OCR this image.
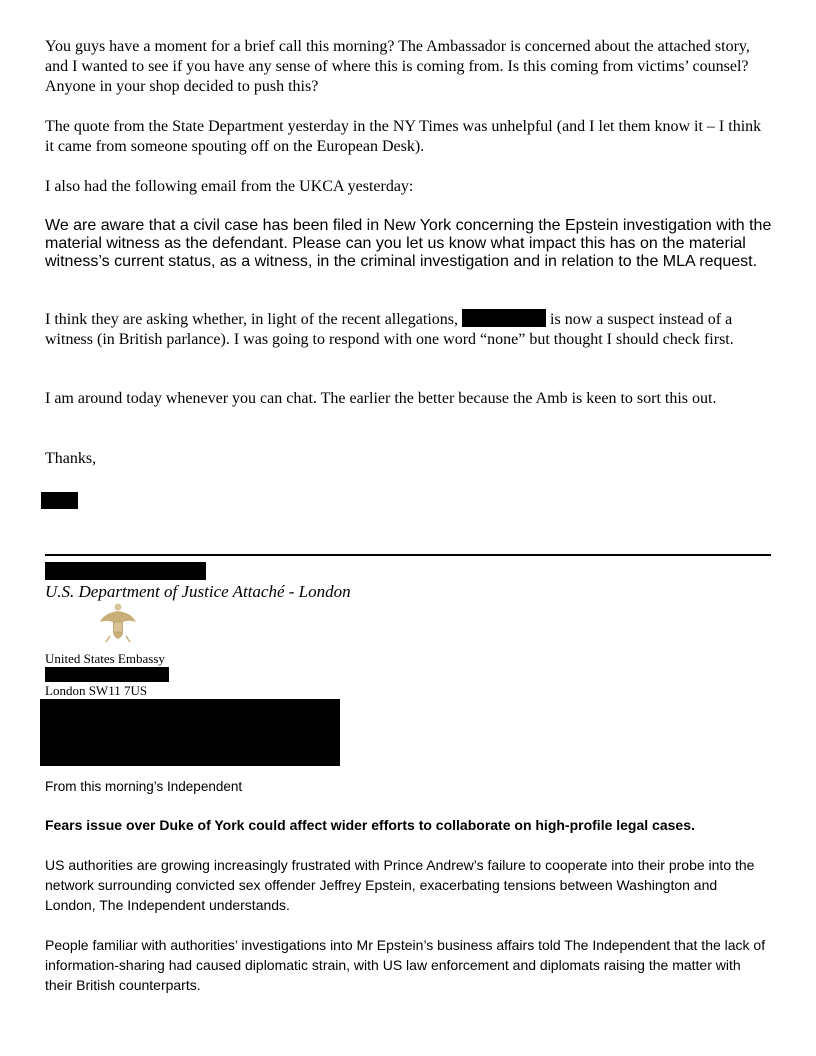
You guys have a moment for a brief call this morning? The Ambassador is concerned about the attached story, and I wanted to see if you have any sense of where this is coming from. Is this coming from victims’ counsel? Anyone in your shop decided to push this?

The quote from the State Department yesterday in the NY Times was unhelpful (and I let them know it – I think it came from someone spouting off on the European Desk).

I also had the following email from the UKCA yesterday:

We are aware that a civil case has been filed in New York concerning the Epstein investigation with the material witness as the defendant. Please can you let us know what impact this has on the material witness’s current status, as a witness, in the criminal investigation and in relation to the MLA request.

I think they are asking whether, in light of the recent allegations,	is now a suspect instead of a witness (in British parlance). I was going to respond with one word “none” but thought I should check first.

I am around today whenever you can chat. The earlier the better because the Amb is keen to sort this out.

Thanks,

U.S. Department of Justice Attaché - London

United States Embassy

London SW11 7US

From this morning’s Independent

Fears issue over Duke of York could affect wider efforts to collaborate on high-profile legal cases.

US authorities are growing increasingly frustrated with Prince Andrew’s failure to cooperate into their probe into the network surrounding convicted sex offender Jeffrey Epstein, exacerbating tensions between Washington and London, The Independent understands.

People familiar with authorities’ investigations into Mr Epstein’s business affairs told The Independent that the lack of information-sharing had caused diplomatic strain, with US law enforcement and diplomats raising the matter with their British counterparts.
